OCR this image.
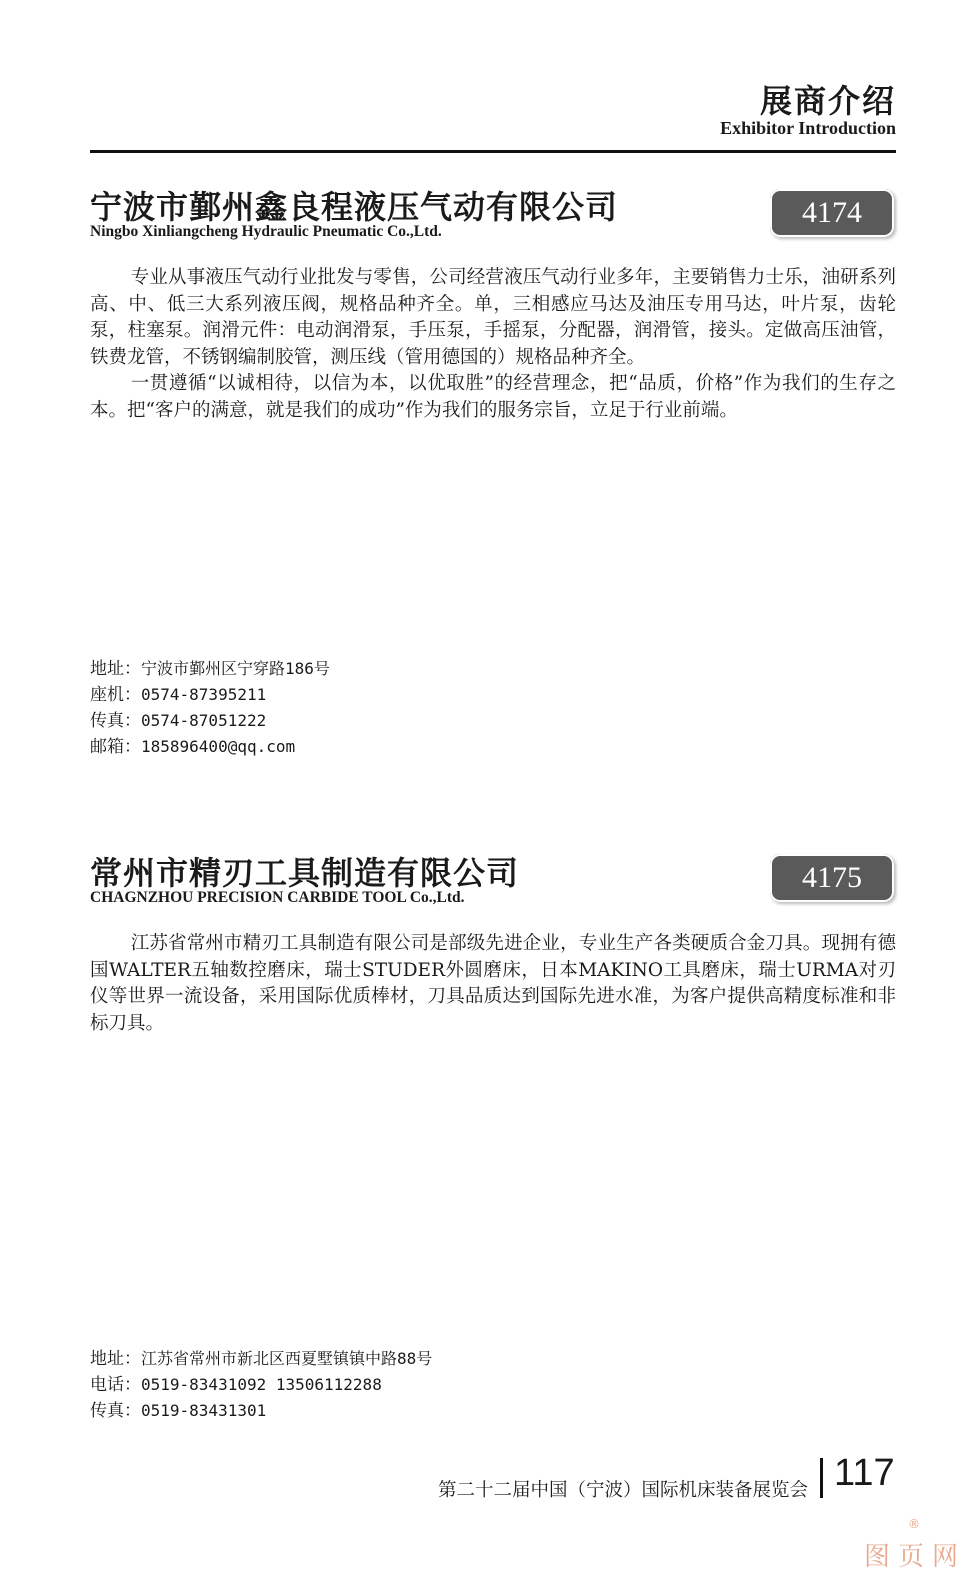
展商介绍
Exhibitor Introduction
宁波市鄞州鑫良程液压气动有限公司
Ningbo Xinliangcheng Hydraulic Pneumatic Co.,Ltd.
4174

专业从事液压气动行业批发与零售，公司经营液压气动行业多年，主要销售力士乐，油研系列高、中、低三大系列液压阀，规格品种齐全。单，三相感应马达及油压专用马达，叶片泵，齿轮泵，柱塞泵。润滑元件：电动润滑泵，手压泵，手摇泵，分配器，润滑管，接头。定做高压油管，铁费龙管，不锈钢编制胶管，测压线（管用德国的）规格品种齐全。

一贯遵循“以诚相待，以信为本，以优取胜”的经营理念，把“品质，价格”作为我们的生存之本。把“客户的满意，就是我们的成功”作为我们的服务宗旨，立足于行业前端。

地址：宁波市鄞州区宁穿路186号
座机：0574-87395211
传真：0574-87051222
邮箱：185896400@qq.com
常州市精刃工具制造有限公司
CHAGNZHOU PRECISION CARBIDE TOOL Co.,Ltd.
4175

江苏省常州市精刃工具制造有限公司是部级先进企业，专业生产各类硬质合金刀具。现拥有德国WALTER五轴数控磨床，瑞士STUDER外圆磨床，日本MAKINO工具磨床，瑞士URMA对刃仪等世界一流设备，采用国际优质棒材，刀具品质达到国际先进水准，为客户提供高精度标准和非标刀具。

地址：江苏省常州市新北区西夏墅镇镇中路88号
电话：0519-83431092 13506112288
传真：0519-83431301
第二十二届中国（宁波）国际机床装备展览会 117
®
图页网
